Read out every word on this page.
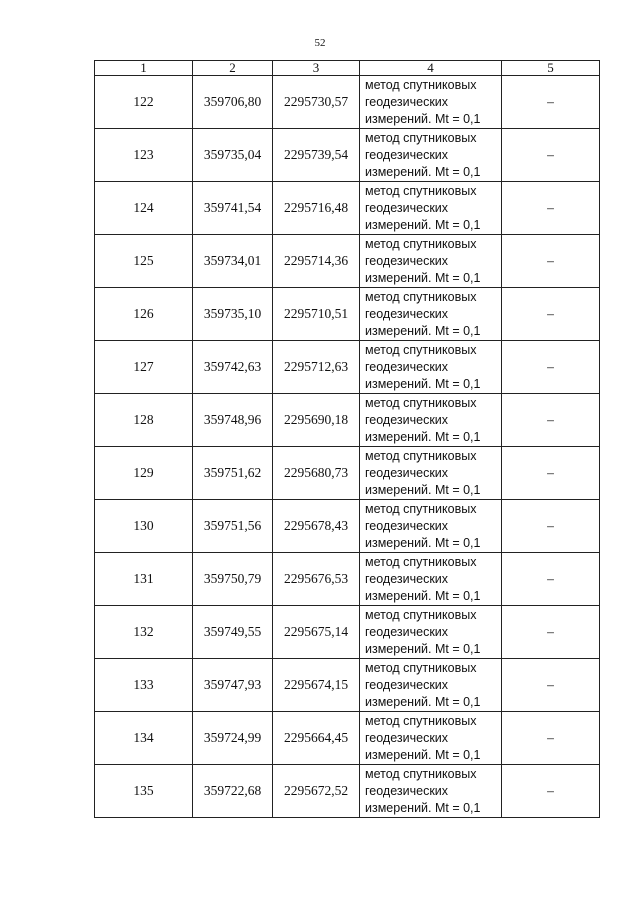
52
1	2	3	4	5
122	359706,80	2295730,57	метод спутниковых
геодезических
измерений. Mt = 0,1	–
123	359735,04	2295739,54	метод спутниковых
геодезических
измерений. Mt = 0,1	–
124	359741,54	2295716,48	метод спутниковых
геодезических
измерений. Mt = 0,1	–
125	359734,01	2295714,36	метод спутниковых
геодезических
измерений. Mt = 0,1	–
126	359735,10	2295710,51	метод спутниковых
геодезических
измерений. Mt = 0,1	–
127	359742,63	2295712,63	метод спутниковых
геодезических
измерений. Mt = 0,1	–
128	359748,96	2295690,18	метод спутниковых
геодезических
измерений. Mt = 0,1	–
129	359751,62	2295680,73	метод спутниковых
геодезических
измерений. Mt = 0,1	–
130	359751,56	2295678,43	метод спутниковых
геодезических
измерений. Mt = 0,1	–
131	359750,79	2295676,53	метод спутниковых
геодезических
измерений. Mt = 0,1	–
132	359749,55	2295675,14	метод спутниковых
геодезических
измерений. Mt = 0,1	–
133	359747,93	2295674,15	метод спутниковых
геодезических
измерений. Mt = 0,1	–
134	359724,99	2295664,45	метод спутниковых
геодезических
измерений. Mt = 0,1	–
135	359722,68	2295672,52	метод спутниковых
геодезических
измерений. Mt = 0,1	–
